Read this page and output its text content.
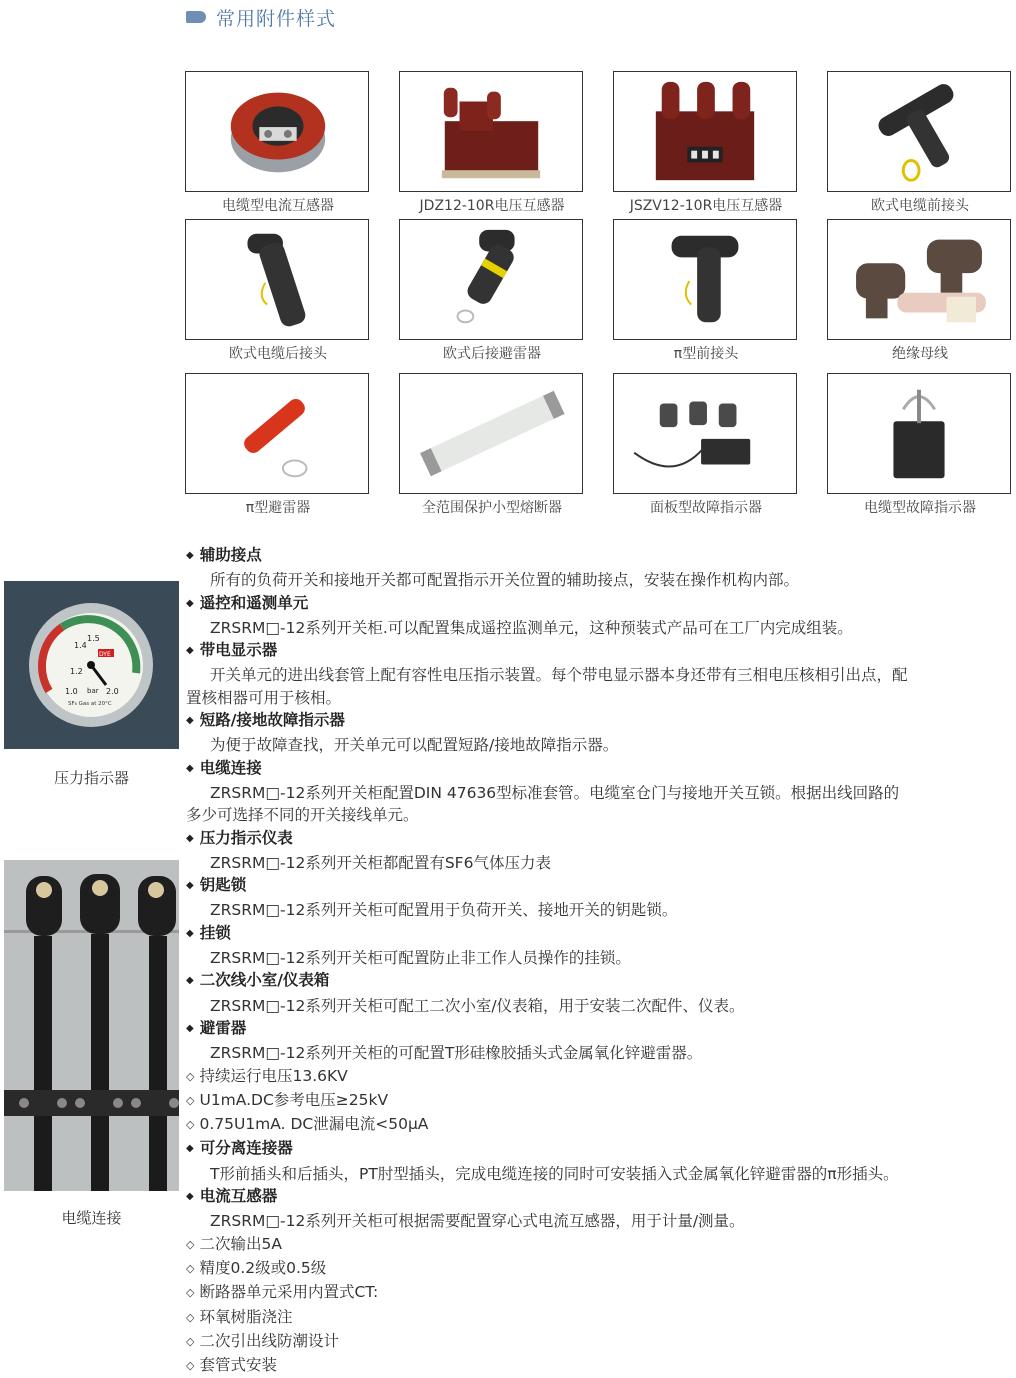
常用附件样式
电缆型电流互感器	JDZ12-10R电压互感器	JSZV12-10R电压互感器	欧式电缆前接头
欧式电缆后接头	欧式后接避雷器	π型前接头	绝缘母线
π型避雷器	全范围保护小型熔断器	面板型故障指示器	电缆型故障指示器
1.2
1.0
1.4
1.5
2.0
bar
DYE
SF₆ Gas at 20°C
压力指示器
电缆连接
◆ 辅助接点
所有的负荷开关和接地开关都可配置指示开关位置的辅助接点，安装在操作机构内部。
◆ 遥控和遥测单元
ZRSRM□-12系列开关柜.可以配置集成遥控监测单元，这种预装式产品可在工厂内完成组装。
◆ 带电显示器
开关单元的进出线套管上配有容性电压指示装置。每个带电显示器本身还带有三相电压核相引出点，配
置核相器可用于核相。
◆ 短路/接地故障指示器
为便于故障查找，开关单元可以配置短路/接地故障指示器。
◆ 电缆连接
ZRSRM□-12系列开关柜配置DIN 47636型标准套管。电缆室仓门与接地开关互锁。根据出线回路的
多少可选择不同的开关接线单元。
◆ 压力指示仪表
ZRSRM□-12系列开关柜都配置有SF6气体压力表
◆ 钥匙锁
ZRSRM□-12系列开关柜可配置用于负荷开关、接地开关的钥匙锁。
◆ 挂锁
ZRSRM□-12系列开关柜可配置防止非工作人员操作的挂锁。
◆ 二次线小室/仪表箱
ZRSRM□-12系列开关柜可配工二次小室/仪表箱，用于安装二次配件、仪表。
◆ 避雷器
ZRSRM□-12系列开关柜的可配置T形硅橡胶插头式金属氧化锌避雷器。
◇ 持续运行电压13.6KV
◇ U1mA.DC参考电压≥25kV
◇ 0.75U1mA. DC泄漏电流<50μA
◆ 可分离连接器
T形前插头和后插头，PT肘型插头，完成电缆连接的同时可安装插入式金属氧化锌避雷器的π形插头。
◆ 电流互感器
ZRSRM□-12系列开关柜可根据需要配置穿心式电流互感器，用于计量/测量。
◇ 二次输出5A
◇ 精度0.2级或0.5级
◇ 断路器单元采用内置式CT:
◇ 环氧树脂浇注
◇ 二次引出线防潮设计
◇ 套管式安装
